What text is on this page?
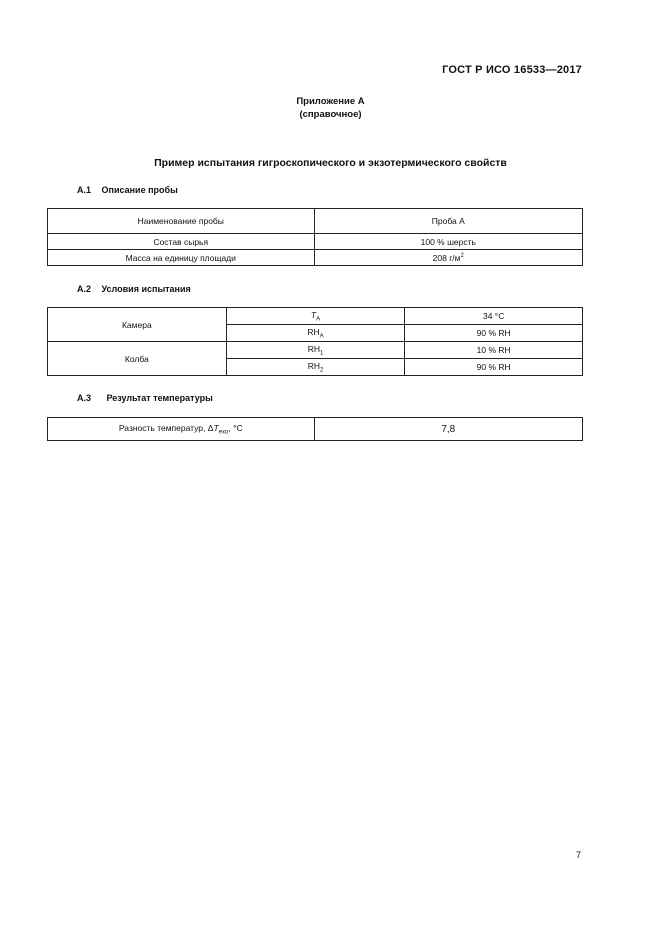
ГОСТ Р ИСО 16533—2017
Приложение А
(справочное)
Пример испытания гигроскопического и экзотермического свойств
А.1 Описание пробы
Наименование пробы	Проба А
Состав сырья	100 % шерсть
Масса на единицу площади	208 $г/м^2$
А.2 Условия испытания
Камера	$T_A$	34 °C
	$RH_A$	90 % RH
Колба	$RH_1$	10 % RH
	$RH_2$	90 % RH
А.3 Результат температуры
Разность температур, $\Delta T_{exo}$, °C	7,8
7
